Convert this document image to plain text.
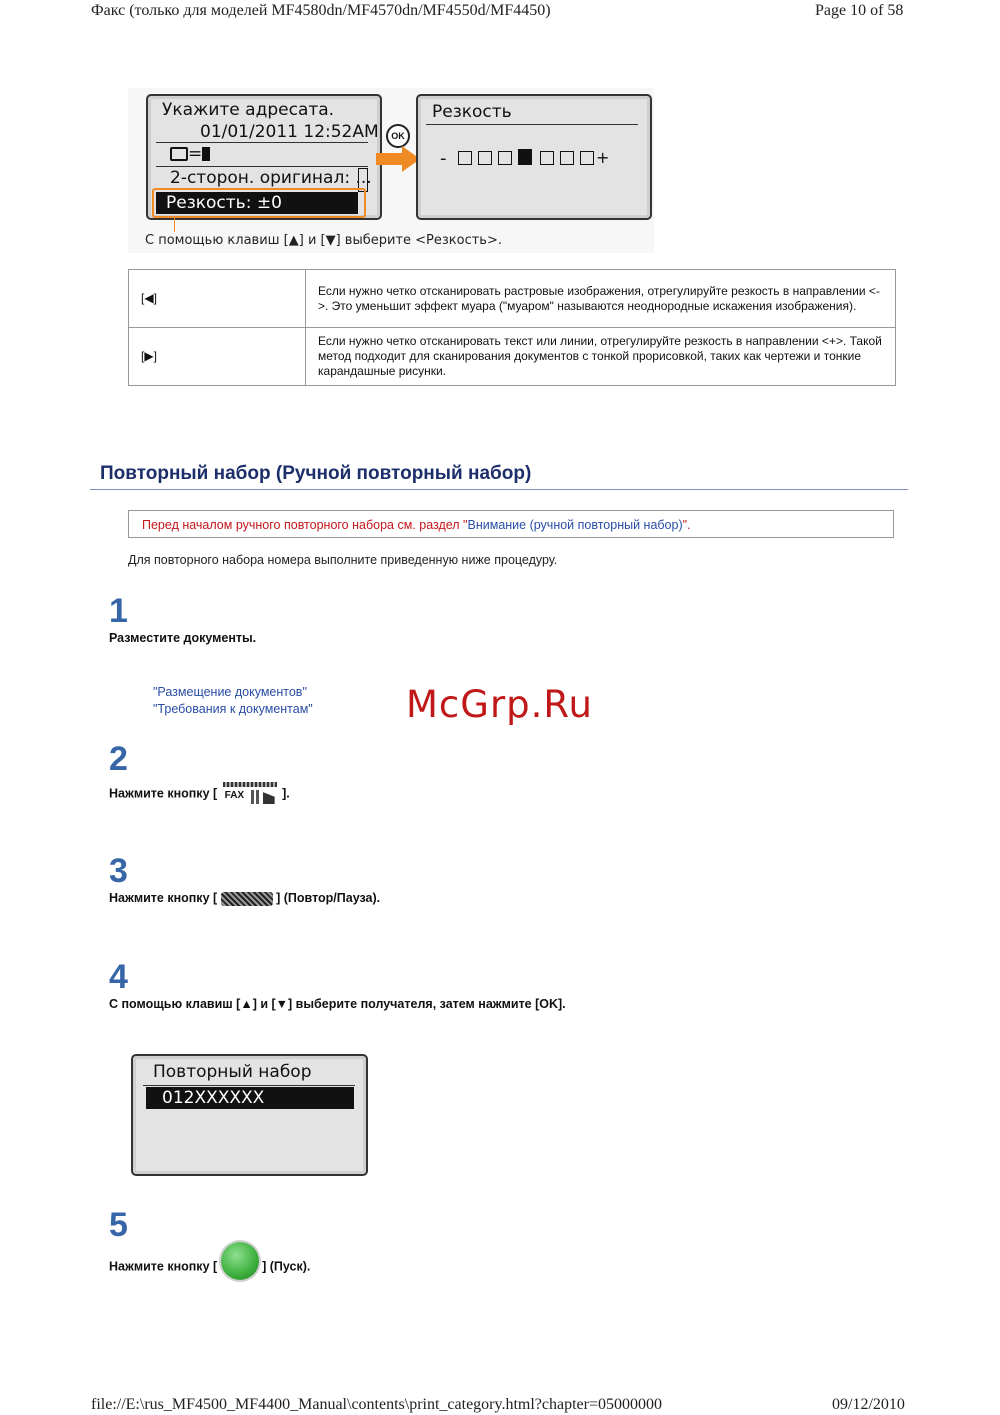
Факс (только для моделей MF4580dn/MF4570dn/MF4550d/MF4450)	Page 10 of 58
Укажите адресата.
01/01/2011 12:52AM
=
2-сторон. оригинал: ...
Резкость: ±0
OK
Резкость
-	+
С помощью клавиш [▲] и [▼] выберите <Резкость>.
[◀]	Если нужно четко отсканировать растровые изображения, отрегулируйте резкость в направлении <->. Это уменьшит эффект муара ("муаром" называются неоднородные искажения изображения).
[▶]	Если нужно четко отсканировать текст или линии, отрегулируйте резкость в направлении <+>. Такой метод подходит для сканирования документов с тонкой прорисовкой, таких как чертежи и тонкие карандашные рисунки.
Повторный набор (Ручной повторный набор)
Перед началом ручного повторного набора см. раздел "Внимание (ручной повторный набор)".
Для повторного набора номера выполните приведенную ниже процедуру.
1
Разместите документы.
"Размещение документов"
"Требования к документам"	McGrp.Ru
2
Нажмите кнопку [ FAX	].
3
Нажмите кнопку [	] (Повтор/Пауза).
4
С помощью клавиш [▲] и [▼] выберите получателя, затем нажмите [OK].
Повторный набор
012XXXXXX
5
Нажмите кнопку [	] (Пуск).
file://E:\rus_MF4500_MF4400_Manual\contents\print_category.html?chapter=05000000	09/12/2010
